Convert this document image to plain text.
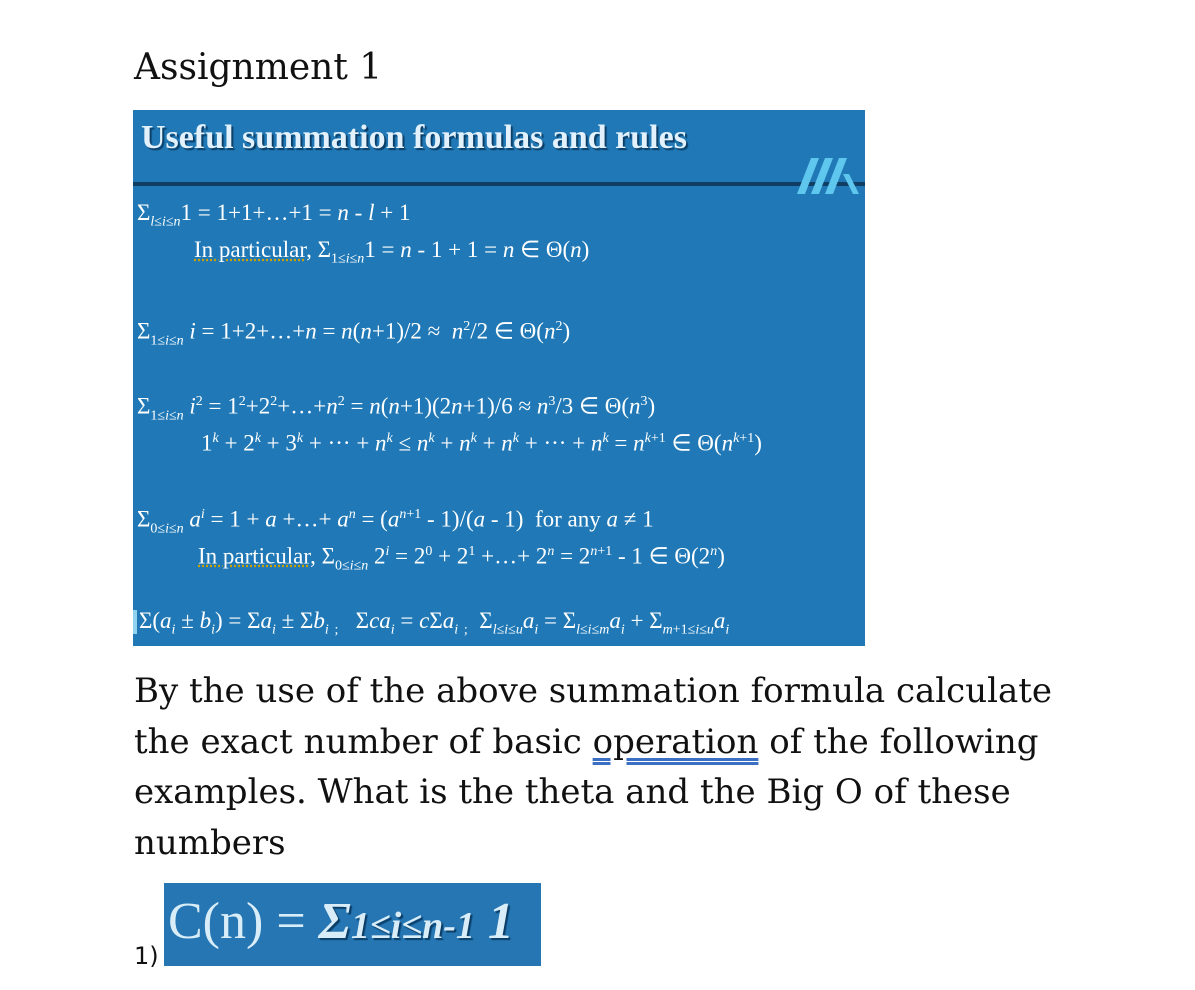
Assignment 1
Useful summation formulas and rules
$\Sigma_{l\le i\le n}1$ = 1+1+…+1 = n - l + 1
In particular, $\Sigma_{1\le i\le n}1 = n - 1 + 1 = n$ ∈ Θ(n)
$\Sigma_{1\le i\le n}$ i = 1+2+…+n = $n(n+1)/2 \approx n^2/2$ ∈ $\Theta(n^2)$
$\Sigma_{1\le i\le n}$ $i^2$ = $1^2+2^2+\dots+n^2 = n(n+1)(2n+1)/6 \approx n^3/3$ ∈ $\Theta(n^3)$
$1^k + 2^k + 3^k$ + ··· + $n^k \le n^k + n^k + n^k$ + ··· + $n^k = n^{k+1}$ ∈ $\Theta(n^{k+1})$
$\Sigma_{0\le i\le n}$ $a^i = 1 + a$ +…+ $a^n = (a^{n+1} - 1)/(a - 1)$  for any a ≠ 1
In particular, $\Sigma_{0\le i\le n}$ $2^i = 2^0 + 2^1$ +…+ $2^n = 2^{n+1} - 1$ ∈ Θ(2$^n$)
$\Sigma(a_i \pm b_i) = \Sigma a_i \pm \Sigma b_i$ $_;$   Σca$_i$ = cΣa$_i$ $_;$  $\Sigma_{l\le i\le u}a_i = \Sigma_{l\le i\le m}a_i + \Sigma_{m+1\le i\le u}a_i$
By the use of the above summation formula calculate the exact number of basic operation of the following examples. What is the theta and the Big O of these numbers
1)
C(n) = Σ1≤i≤n-1 1
